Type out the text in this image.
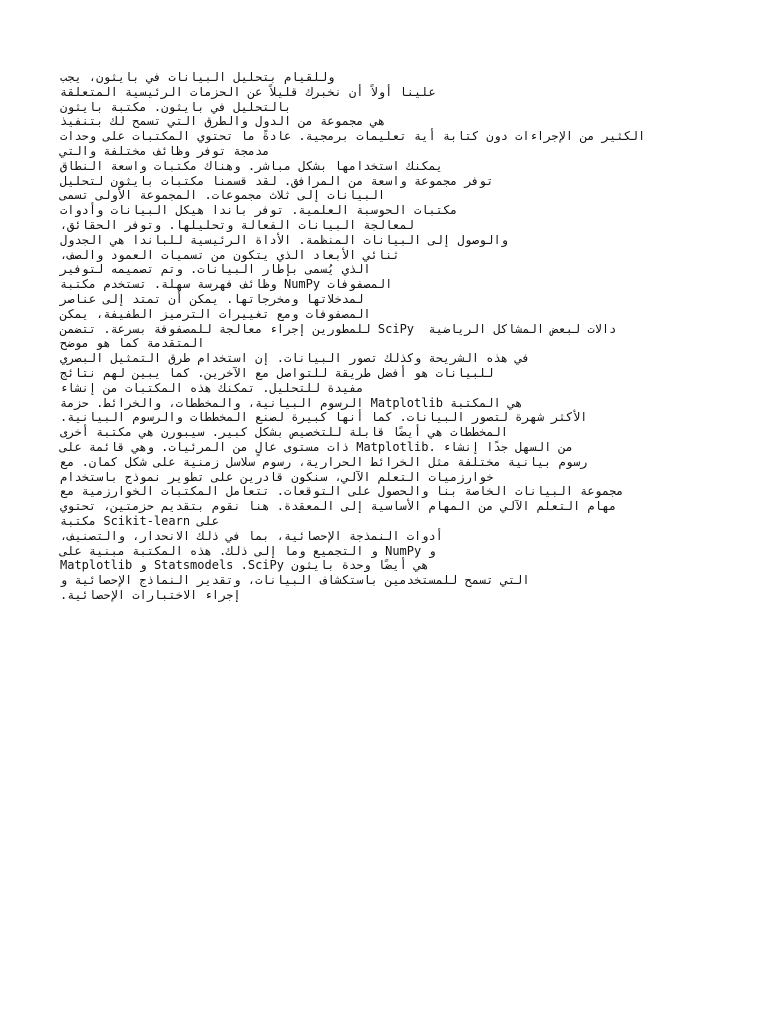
وللقيام بتحليل البيانات في بايثون، يجب
علينا أولاً أن نخبرك قليلاً عن الحزمات الرئيسية المتعلقة
بالتحليل في بايثون. مكتبة بايثون
هي مجموعة من الدول والطرق التي تسمح لك بتنفيذ
الكثير من الإجراءات دون كتابة أية تعليمات برمجية. عادةً ما تحتوي المكتبات على وحدات
مدمجة توفر وظائف مختلفة والتي
يمكنك استخدامها بشكل مباشر. وهناك مكتبات واسعة النطاق
توفر مجموعة واسعة من المرافق. لقد قسمنا مكتبات بايثون لتحليل
البيانات إلى ثلاث مجموعات. المجموعة الأولى تسمى
مكتبات الحوسبة العلمية. توفر باندا هيكل البيانات وأدوات
لمعالجة البيانات الفعالة وتحليلها. وتوفر الحقائق،
والوصول إلى البيانات المنظمة. الأداة الرئيسية للباندا هي الجدول
ثنائي الأبعاد الذي يتكون من تسميات العمود والصف،
الذي يُسمى بإطار البيانات. وتم تصميمه لتوفير
المصفوفات NumPy وظائف فهرسة سهلة. تستخدم مكتبة
لمدخلاتها ومخرجاتها. يمكن أن تمتد إلى عناصر
المصفوفات ومع تغييرات الترميز الطفيفة، يمكن
دالات لبعض المشاكل الرياضية  SciPy للمطورين إجراء معالجة للمصفوفة بسرعة. تتضمن
المتقدمة كما هو موضح
في هذه الشريحة وكذلك تصور البيانات. إن استخدام طرق التمثيل البصري
للبيانات هو أفضل طريقة للتواصل مع الآخرين. كما يبين لهم نتائج
مفيدة للتحليل. تمكنك هذه المكتبات من إنشاء
هي المكتبة Matplotlib الرسوم البيانية، والمخططات، والخرائط. حزمة
الأكثر شهرة لتصور البيانات. كما أنها كبيرة لصنع المخططات والرسوم البيانية.
المخططات هي أيضًا قابلة للتخصيص بشكل كبير. سيبورن هي مكتبة أخرى
من السهل جدًا إنشاء .Matplotlib ذات مستوى عالٍ من المرئيات. وهي قائمة على
رسوم بيانية مختلفة مثل الخرائط الحرارية، رسوم سلاسل زمنية على شكل كمان. مع
خوارزميات التعلم الآلي، سنكون قادرين على تطوير نموذج باستخدام
مجموعة البيانات الخاصة بنا والحصول على التوقعات. تتعامل المكتبات الخوارزمية مع
مهام التعلم الآلي من المهام الأساسية إلى المعقدة. هنا نقوم بتقديم حزمتين، تحتوي
على Scikit-learn مكتبة
أدوات النمذجة الإحصائية، بما في ذلك الانحدار، والتصنيف،
و NumPy و التجميع وما إلى ذلك. هذه المكتبة مبنية على
هي أيضًا وحدة بايثون Statsmodels .SciPy و Matplotlib
التي تسمح للمستخدمين باستكشاف البيانات، وتقدير النماذج الإحصائية و
إجراء الاختبارات الإحصائية.
